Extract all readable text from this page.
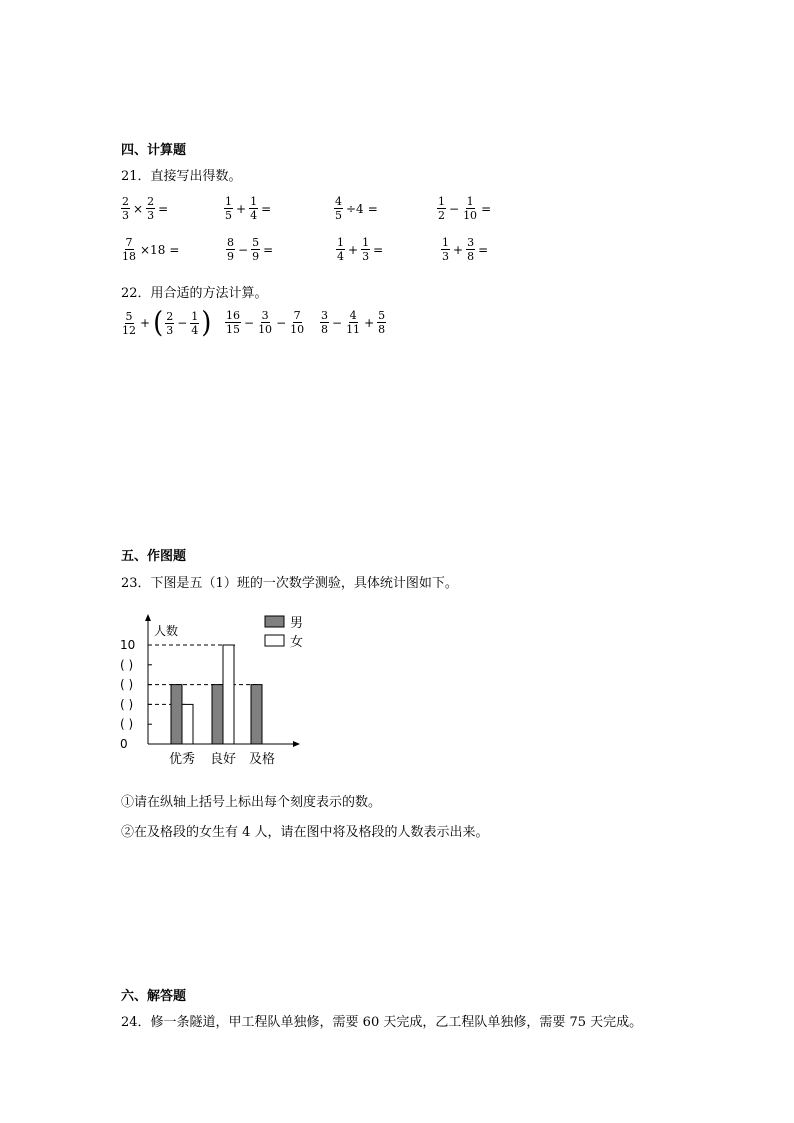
四、计算题
21．直接写出得数。
$\frac{2}{3} \times \frac{2}{3}$ =	$\frac{1}{5} + \frac{1}{4}$ =	$\frac{4}{5} \div 4$ =	$\frac{1}{2} - \frac{1}{10}$ =
$\frac{7}{18} \times 18$ =	$\frac{8}{9} - \frac{5}{9}$ =	$\frac{1}{4} + \frac{1}{3}$ =	$\frac{1}{3} + \frac{3}{8}$ =
22．用合适的方法计算。
$\frac{5}{12}$ + ( $\frac{2}{3} - \frac{1}{4}$ ) $\frac{16}{15} - \frac{3}{10} - \frac{7}{10} \frac{3}{8} - \frac{4}{11} + \frac{5}{8}$
五、作图题
23．下图是五（1）班的一次数学测验，具体统计图如下。
人数
0
( )
( )
( )
( )
10
优秀 良好 及格
男
女
①请在纵轴上括号上标出每个刻度表示的数。
②在及格段的女生有 4 人，请在图中将及格段的人数表示出来。
六、解答题
24．修一条隧道，甲工程队单独修，需要 60 天完成，乙工程队单独修，需要 75 天完成。
